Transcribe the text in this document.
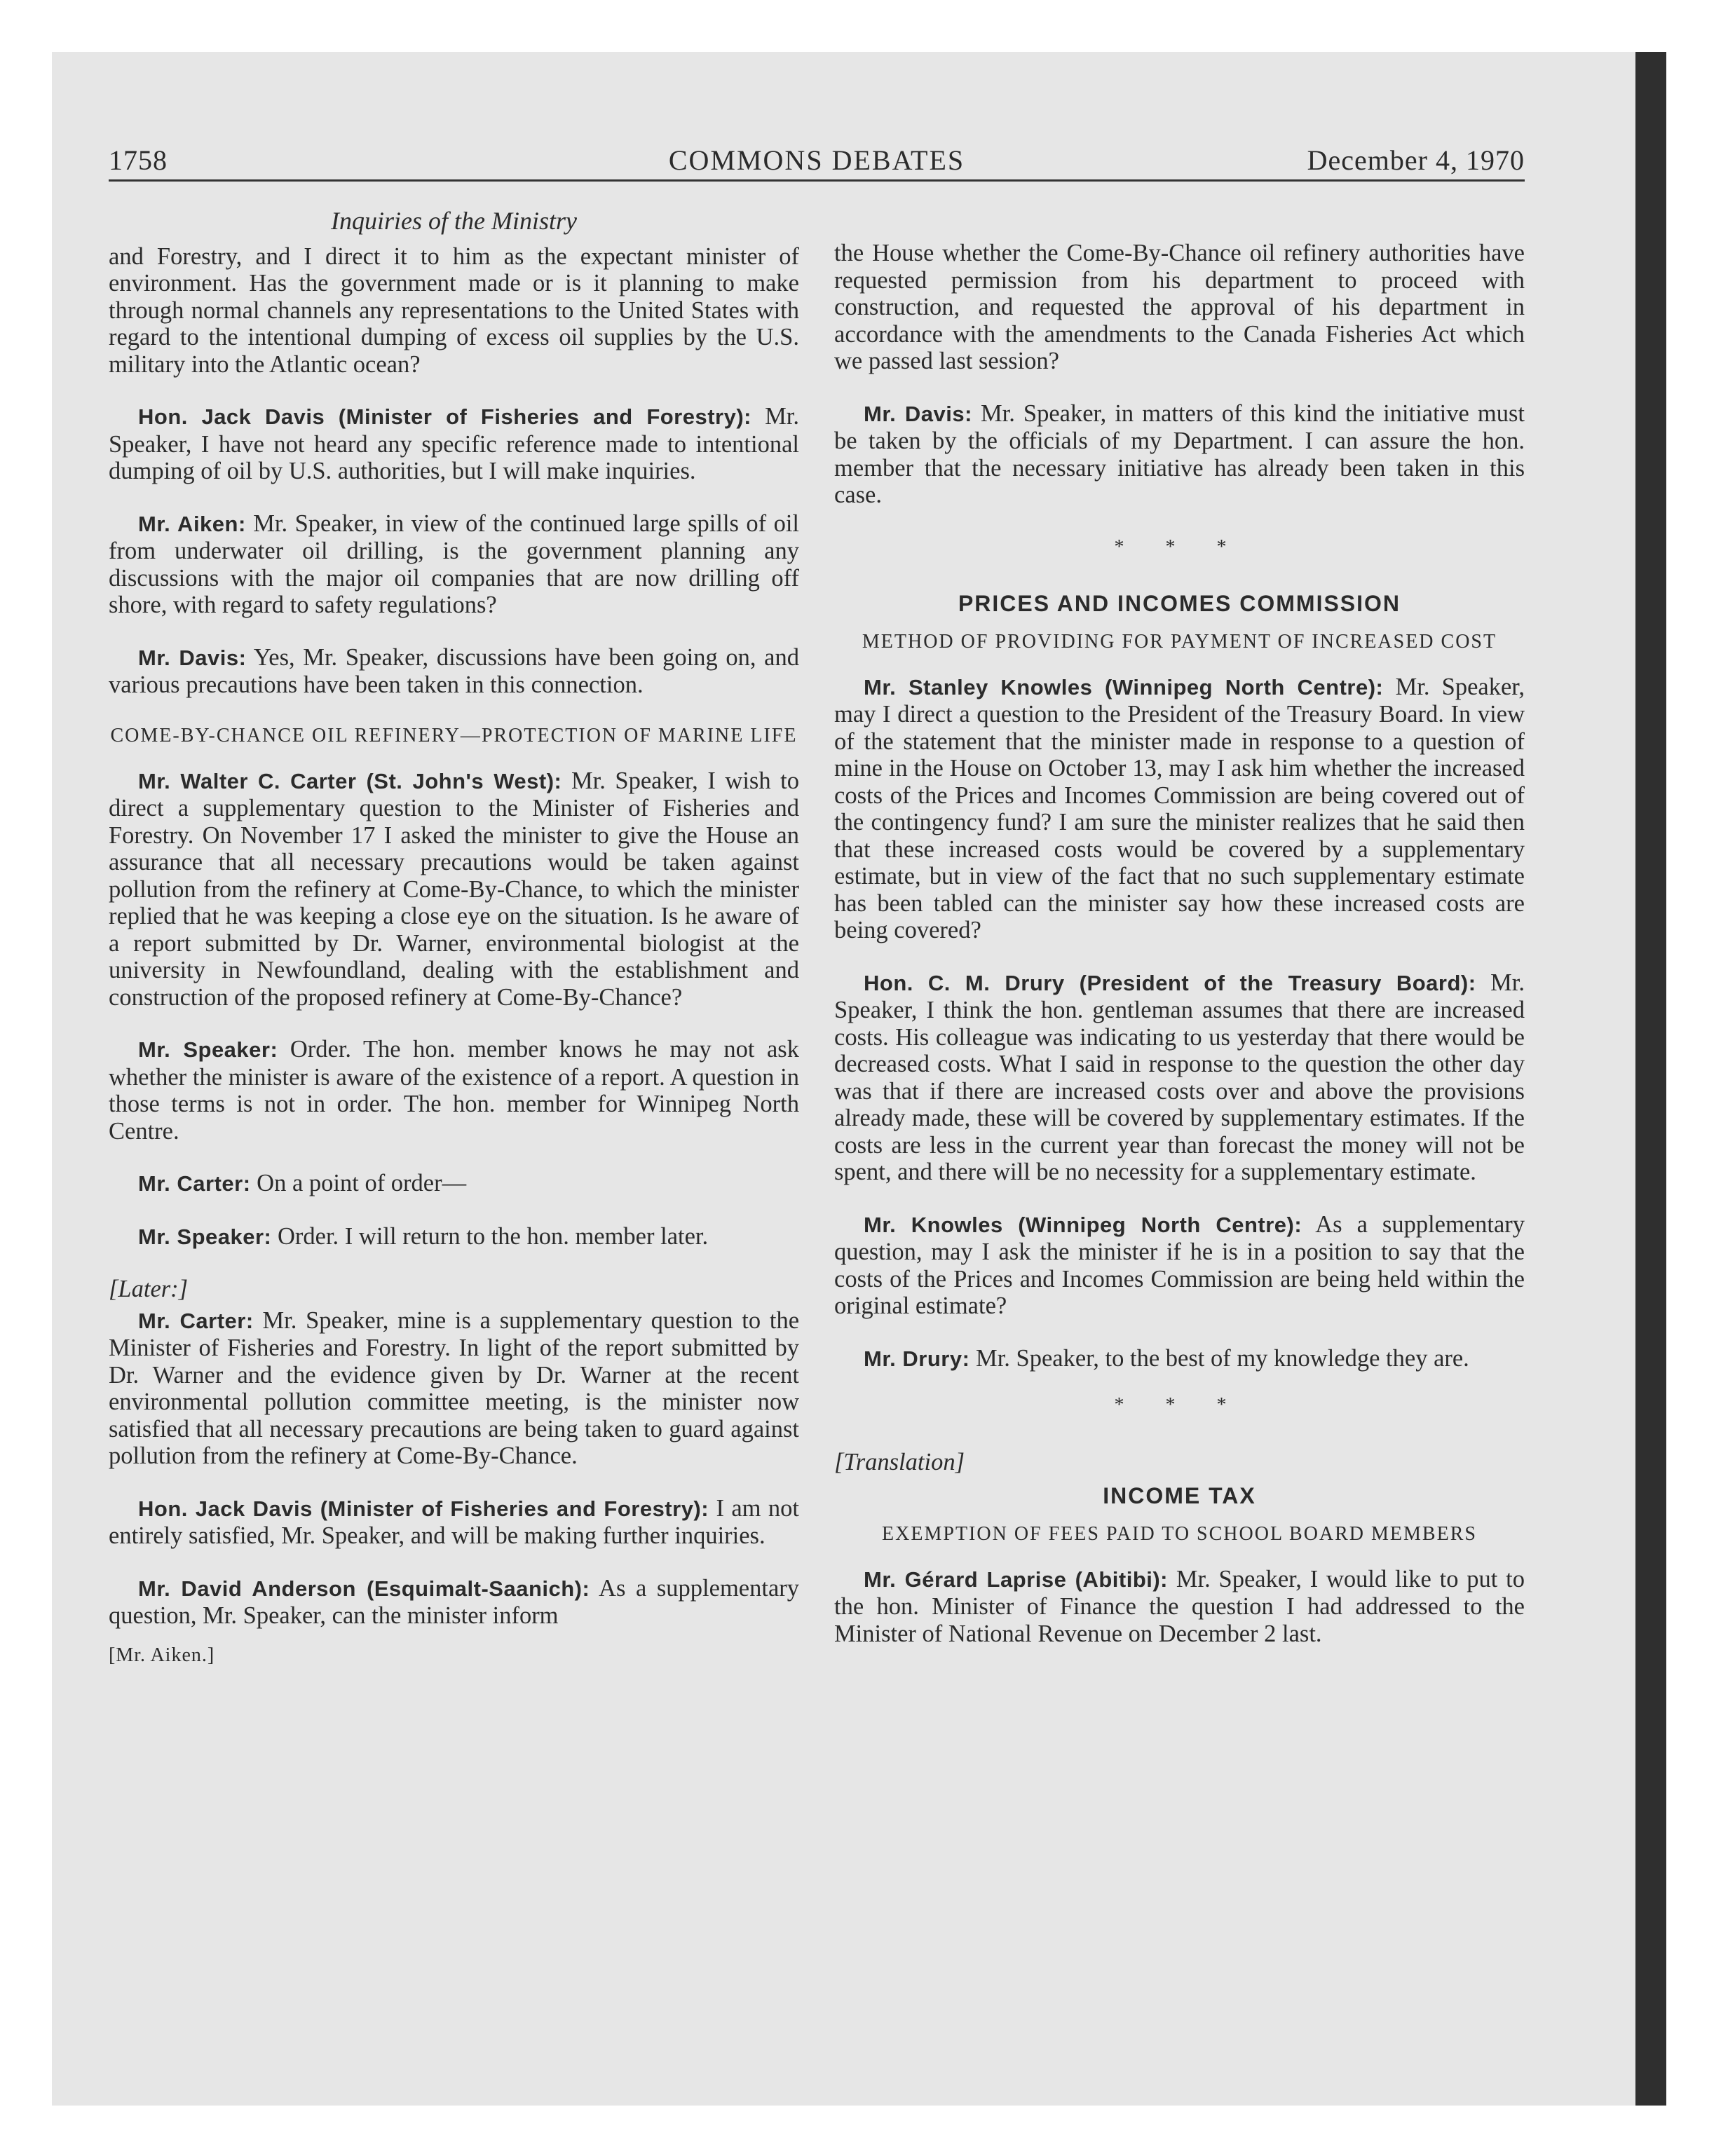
1758	COMMONS DEBATES	December 4, 1970
Inquiries of the Ministry

and Forestry, and I direct it to him as the expectant minister of environment. Has the government made or is it planning to make through normal channels any representations to the United States with regard to the intentional dumping of excess oil supplies by the U.S. military into the Atlantic ocean?

Hon. Jack Davis (Minister of Fisheries and Forestry): Mr. Speaker, I have not heard any specific reference made to intentional dumping of oil by U.S. authorities, but I will make inquiries.

Mr. Aiken: Mr. Speaker, in view of the continued large spills of oil from underwater oil drilling, is the government planning any discussions with the major oil companies that are now drilling off shore, with regard to safety regulations?

Mr. Davis: Yes, Mr. Speaker, discussions have been going on, and various precautions have been taken in this connection.

COME-BY-CHANCE OIL REFINERY—PROTECTION OF MARINE LIFE

Mr. Walter C. Carter (St. John's West): Mr. Speaker, I wish to direct a supplementary question to the Minister of Fisheries and Forestry. On November 17 I asked the minister to give the House an assurance that all necessary precautions would be taken against pollution from the refinery at Come-By-Chance, to which the minister replied that he was keeping a close eye on the situation. Is he aware of a report submitted by Dr. Warner, environmental biologist at the university in Newfoundland, dealing with the establishment and construction of the proposed refinery at Come-By-Chance?

Mr. Speaker: Order. The hon. member knows he may not ask whether the minister is aware of the existence of a report. A question in those terms is not in order. The hon. member for Winnipeg North Centre.

Mr. Carter: On a point of order—

Mr. Speaker: Order. I will return to the hon. member later.

[Later:]

Mr. Carter: Mr. Speaker, mine is a supplementary question to the Minister of Fisheries and Forestry. In light of the report submitted by Dr. Warner and the evidence given by Dr. Warner at the recent environmental pollution committee meeting, is the minister now satisfied that all necessary precautions are being taken to guard against pollution from the refinery at Come-By-Chance.

Hon. Jack Davis (Minister of Fisheries and Forestry): I am not entirely satisfied, Mr. Speaker, and will be making further inquiries.

Mr. David Anderson (Esquimalt-Saanich): As a supplementary question, Mr. Speaker, can the minister inform

[Mr. Aiken.]

the House whether the Come-By-Chance oil refinery authorities have requested permission from his department to proceed with construction, and requested the approval of his department in accordance with the amendments to the Canada Fisheries Act which we passed last session?

Mr. Davis: Mr. Speaker, in matters of this kind the initiative must be taken by the officials of my Department. I can assure the hon. member that the necessary initiative has already been taken in this case.

* * *
PRICES AND INCOMES COMMISSION
METHOD OF PROVIDING FOR PAYMENT OF INCREASED COST

Mr. Stanley Knowles (Winnipeg North Centre): Mr. Speaker, may I direct a question to the President of the Treasury Board. In view of the statement that the minister made in response to a question of mine in the House on October 13, may I ask him whether the increased costs of the Prices and Incomes Commission are being covered out of the contingency fund? I am sure the minister realizes that he said then that these increased costs would be covered by a supplementary estimate, but in view of the fact that no such supplementary estimate has been tabled can the minister say how these increased costs are being covered?

Hon. C. M. Drury (President of the Treasury Board): Mr. Speaker, I think the hon. gentleman assumes that there are increased costs. His colleague was indicating to us yesterday that there would be decreased costs. What I said in response to the question the other day was that if there are increased costs over and above the provisions already made, these will be covered by supplementary estimates. If the costs are less in the current year than forecast the money will not be spent, and there will be no necessity for a supplementary estimate.

Mr. Knowles (Winnipeg North Centre): As a supplementary question, may I ask the minister if he is in a position to say that the costs of the Prices and Incomes Commission are being held within the original estimate?

Mr. Drury: Mr. Speaker, to the best of my knowledge they are.

* * *
[Translation]
INCOME TAX
EXEMPTION OF FEES PAID TO SCHOOL BOARD MEMBERS

Mr. Gérard Laprise (Abitibi): Mr. Speaker, I would like to put to the hon. Minister of Finance the question I had addressed to the Minister of National Revenue on December 2 last.
